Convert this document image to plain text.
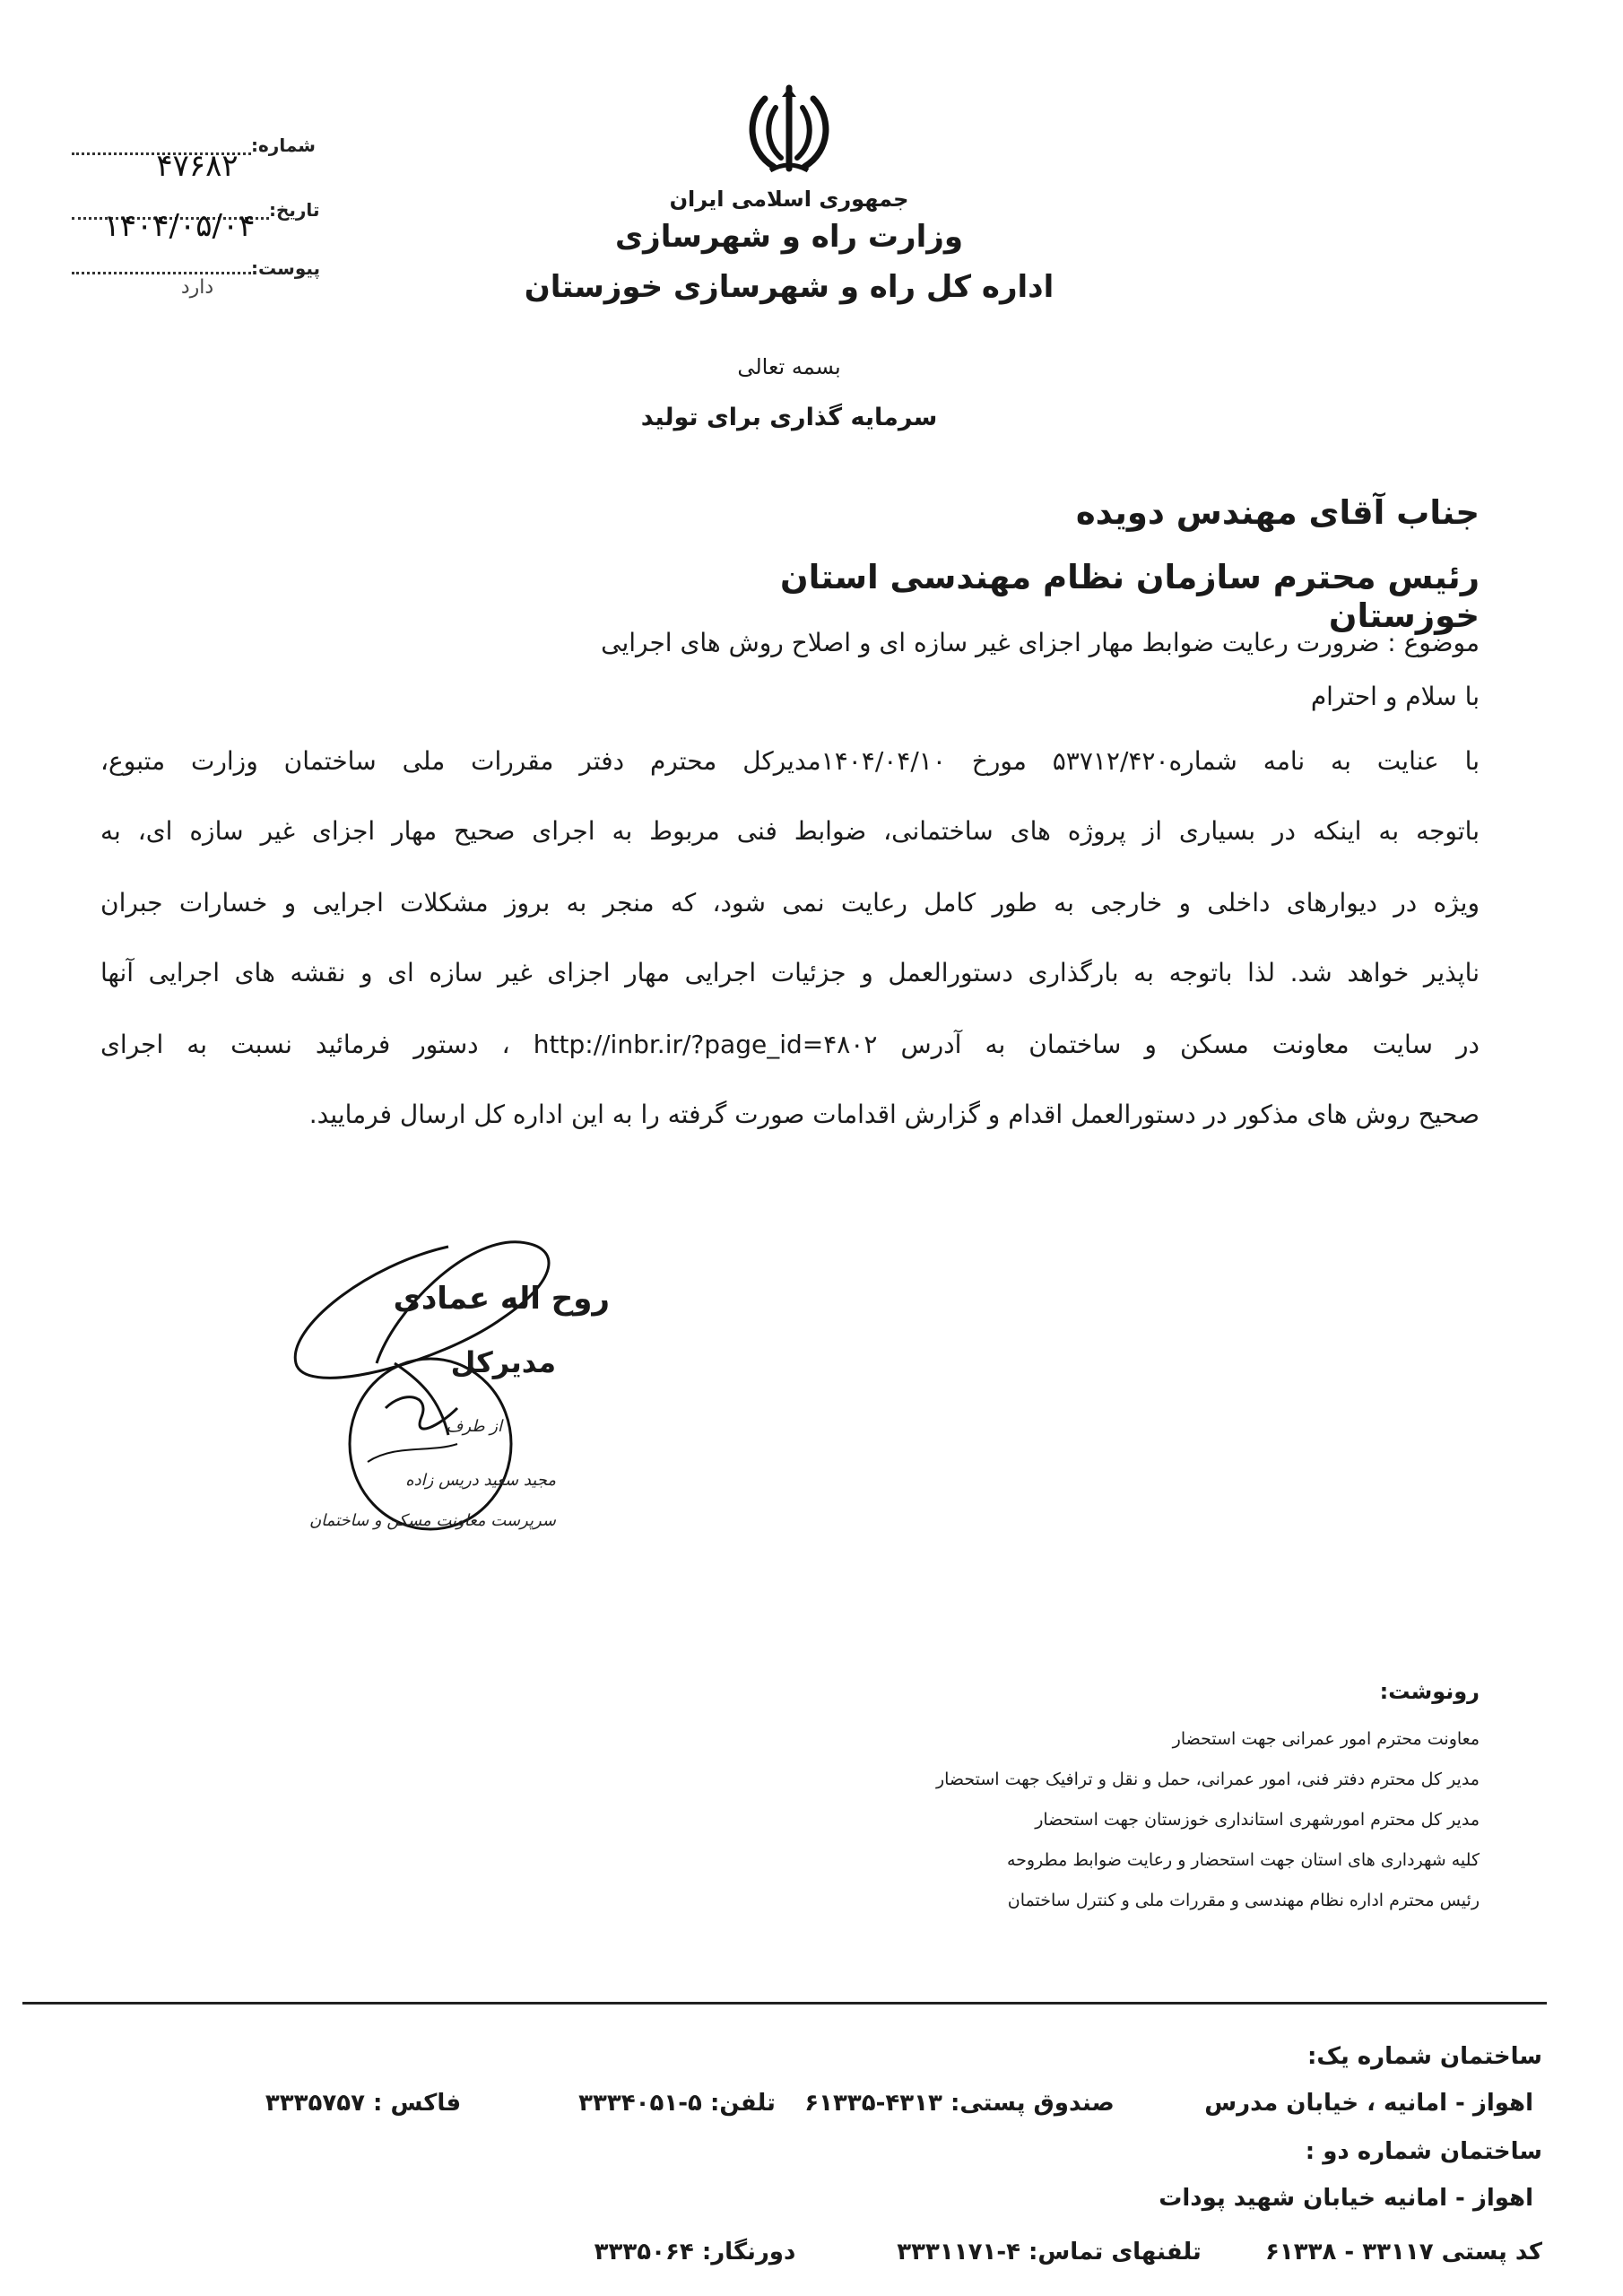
شماره:
۴۷۶۸۲
تاریخ:
۱۴۰۴/۰۵/۰۴
پیوست:
دارد
جمهوری اسلامی ایران
وزارت راه و شهرسازی
اداره کل راه و شهرسازی خوزستان
بسمه تعالی
سرمایه گذاری برای تولید
جناب آقای مهندس دویده
رئیس محترم سازمان نظام مهندسی استان خوزستان
موضوع : ضرورت رعایت ضوابط مهار اجزای غیر سازه ای و اصلاح روش های اجرایی
با سلام و احترام
با عنایت به نامه شماره۵۳۷۱۲/۴۲۰ مورخ ۱۴۰۴/۰۴/۱۰مدیرکل محترم دفتر مقررات ملی ساختمان وزارت متبوع،
باتوجه به اینکه در بسیاری از پروژه های ساختمانی، ضوابط فنی مربوط به اجرای صحیح مهار اجزای غیر سازه ای، به
ویژه در دیوارهای داخلی و خارجی به طور کامل رعایت نمی شود، که منجر به بروز مشکلات اجرایی و خسارات جبران
ناپذیر خواهد شد. لذا باتوجه به بارگذاری دستورالعمل و جزئیات اجرایی مهار اجزای غیر سازه ای و نقشه های اجرایی آنها
در سایت معاونت مسکن و ساختمان به آدرس http://inbr.ir/?page_id=۴۸۰۲ ، دستور فرمائید نسبت به اجرای
صحیح روش های مذکور در دستورالعمل اقدام و گزارش اقدامات صورت گرفته را به این اداره کل ارسال فرمایید.
روح اله عمادی
مدیرکل
از طرف
مجید سعید دریس زاده
سرپرست معاونت مسکن و ساختمان
رونوشت:
معاونت محترم امور عمرانی جهت استحضار
مدیر کل محترم دفتر فنی، امور عمرانی، حمل و نقل و ترافیک جهت استحضار
مدیر کل محترم امورشهری استانداری خوزستان جهت استحضار
کلیه شهرداری های استان جهت استحضار و رعایت ضوابط مطروحه
رئیس محترم اداره نظام مهندسی و مقررات ملی و کنترل ساختمان
ساختمان شماره یک:
اهواز - امانیه ، خیابان مدرس
صندوق پستی: ۴۳۱۳-۶۱۳۳۵
تلفن: ۵-۳۳۳۴۰۵۱
فاکس : ۳۳۳۵۷۵۷
ساختمان شماره دو :
اهواز - امانیه خیابان شهید پودات
کد پستی ۳۳۱۱۷ - ۶۱۳۳۸
تلفنهای تماس: ۴-۳۳۳۱۱۷۱
دورنگار: ۳۳۳۵۰۶۴
